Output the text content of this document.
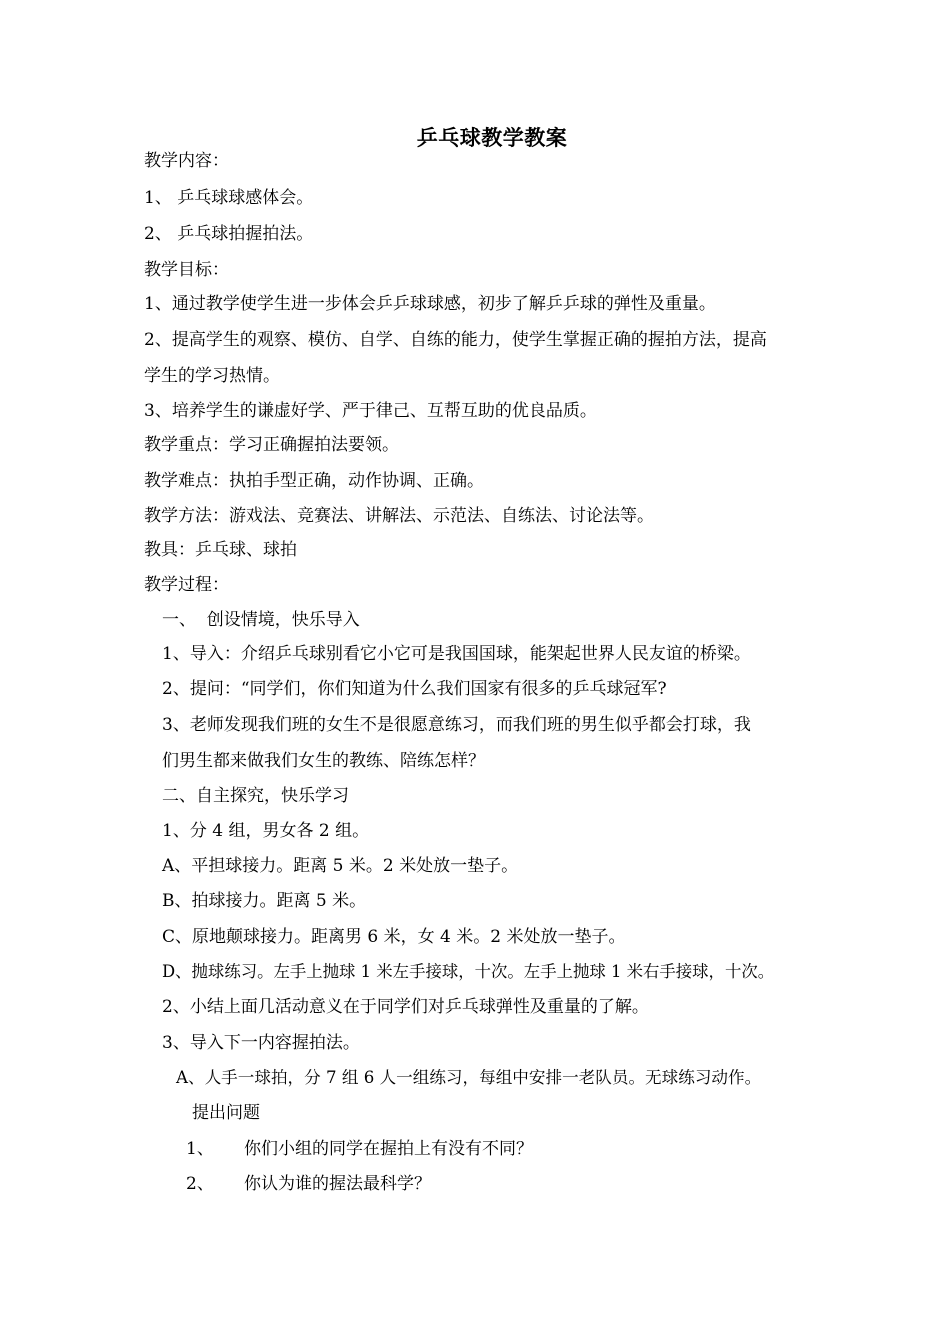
乒乓球教学教案
教学内容：
1、 乒乓球球感体会。
2、 乒乓球拍握拍法。
教学目标：
1、通过教学使学生进一步体会乒乒球球感，初步了解乒乒球的弹性及重量。
2、提高学生的观察、模仿、自学、自练的能力，使学生掌握正确的握拍方法，提高
学生的学习热情。
3、培养学生的谦虚好学、严于律己、互帮互助的优良品质。
教学重点：学习正确握拍法要领。
教学难点：执拍手型正确，动作协调、正确。
教学方法：游戏法、竞赛法、讲解法、示范法、自练法、讨论法等。
教具：乒乓球、球拍
教学过程：
一、  创设情境，快乐导入
1、导入：介绍乒乓球别看它小它可是我国国球，能架起世界人民友谊的桥梁。
2、提问：“同学们，你们知道为什么我们国家有很多的乒乓球冠军?
3、老师发现我们班的女生不是很愿意练习，而我们班的男生似乎都会打球，我
们男生都来做我们女生的教练、陪练怎样？
二、自主探究，快乐学习
1、分 4 组，男女各 2 组。
A、平担球接力。距离 5 米。2 米处放一垫子。
B、拍球接力。距离 5 米。
C、原地颠球接力。距离男 6 米，女 4 米。2 米处放一垫子。
D、抛球练习。左手上抛球 1 米左手接球，十次。左手上抛球 1 米右手接球，十次。
2、小结上面几活动意义在于同学们对乒乓球弹性及重量的了解。
3、导入下一内容握拍法。
A、人手一球拍，分 7 组 6 人一组练习，每组中安排一老队员。无球练习动作。
提出问题
1、 你们小组的同学在握拍上有没有不同？
2、 你认为谁的握法最科学？
